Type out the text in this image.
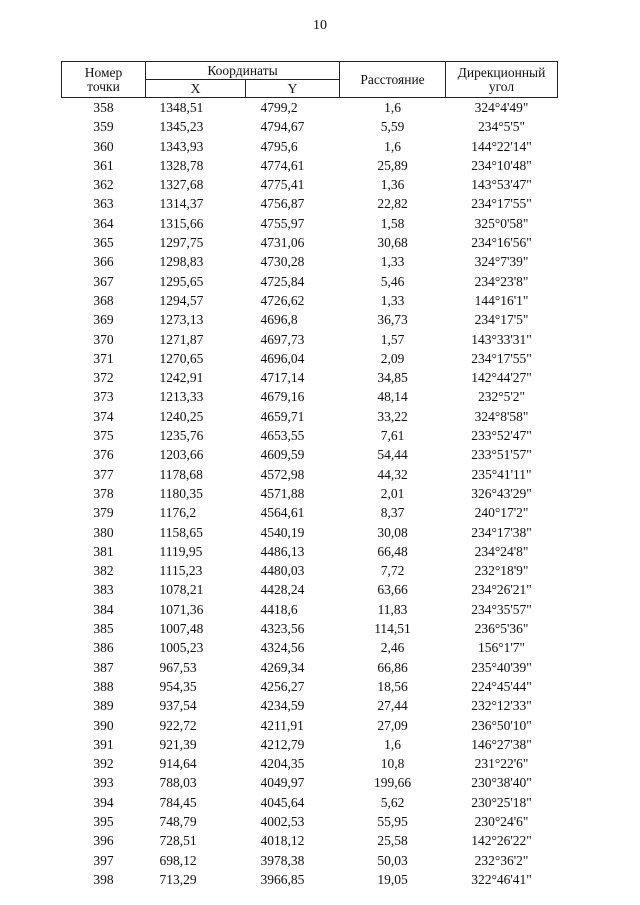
10
Номер
точки	Координаты		Расстояние	Дирекционный
угол
	X	Y		
358	1348,51	4799,2	1,6	324°4'49"
359	1345,23	4794,67	5,59	234°5'5"
360	1343,93	4795,6	1,6	144°22'14"
361	1328,78	4774,61	25,89	234°10'48"
362	1327,68	4775,41	1,36	143°53'47"
363	1314,37	4756,87	22,82	234°17'55"
364	1315,66	4755,97	1,58	325°0'58"
365	1297,75	4731,06	30,68	234°16'56"
366	1298,83	4730,28	1,33	324°7'39"
367	1295,65	4725,84	5,46	234°23'8"
368	1294,57	4726,62	1,33	144°16'1"
369	1273,13	4696,8	36,73	234°17'5"
370	1271,87	4697,73	1,57	143°33'31"
371	1270,65	4696,04	2,09	234°17'55"
372	1242,91	4717,14	34,85	142°44'27"
373	1213,33	4679,16	48,14	232°5'2"
374	1240,25	4659,71	33,22	324°8'58"
375	1235,76	4653,55	7,61	233°52'47"
376	1203,66	4609,59	54,44	233°51'57"
377	1178,68	4572,98	44,32	235°41'11"
378	1180,35	4571,88	2,01	326°43'29"
379	1176,2	4564,61	8,37	240°17'2"
380	1158,65	4540,19	30,08	234°17'38"
381	1119,95	4486,13	66,48	234°24'8"
382	1115,23	4480,03	7,72	232°18'9"
383	1078,21	4428,24	63,66	234°26'21"
384	1071,36	4418,6	11,83	234°35'57"
385	1007,48	4323,56	114,51	236°5'36"
386	1005,23	4324,56	2,46	156°1'7"
387	967,53	4269,34	66,86	235°40'39"
388	954,35	4256,27	18,56	224°45'44"
389	937,54	4234,59	27,44	232°12'33"
390	922,72	4211,91	27,09	236°50'10"
391	921,39	4212,79	1,6	146°27'38"
392	914,64	4204,35	10,8	231°22'6"
393	788,03	4049,97	199,66	230°38'40"
394	784,45	4045,64	5,62	230°25'18"
395	748,79	4002,53	55,95	230°24'6"
396	728,51	4018,12	25,58	142°26'22"
397	698,12	3978,38	50,03	232°36'2"
398	713,29	3966,85	19,05	322°46'41"
